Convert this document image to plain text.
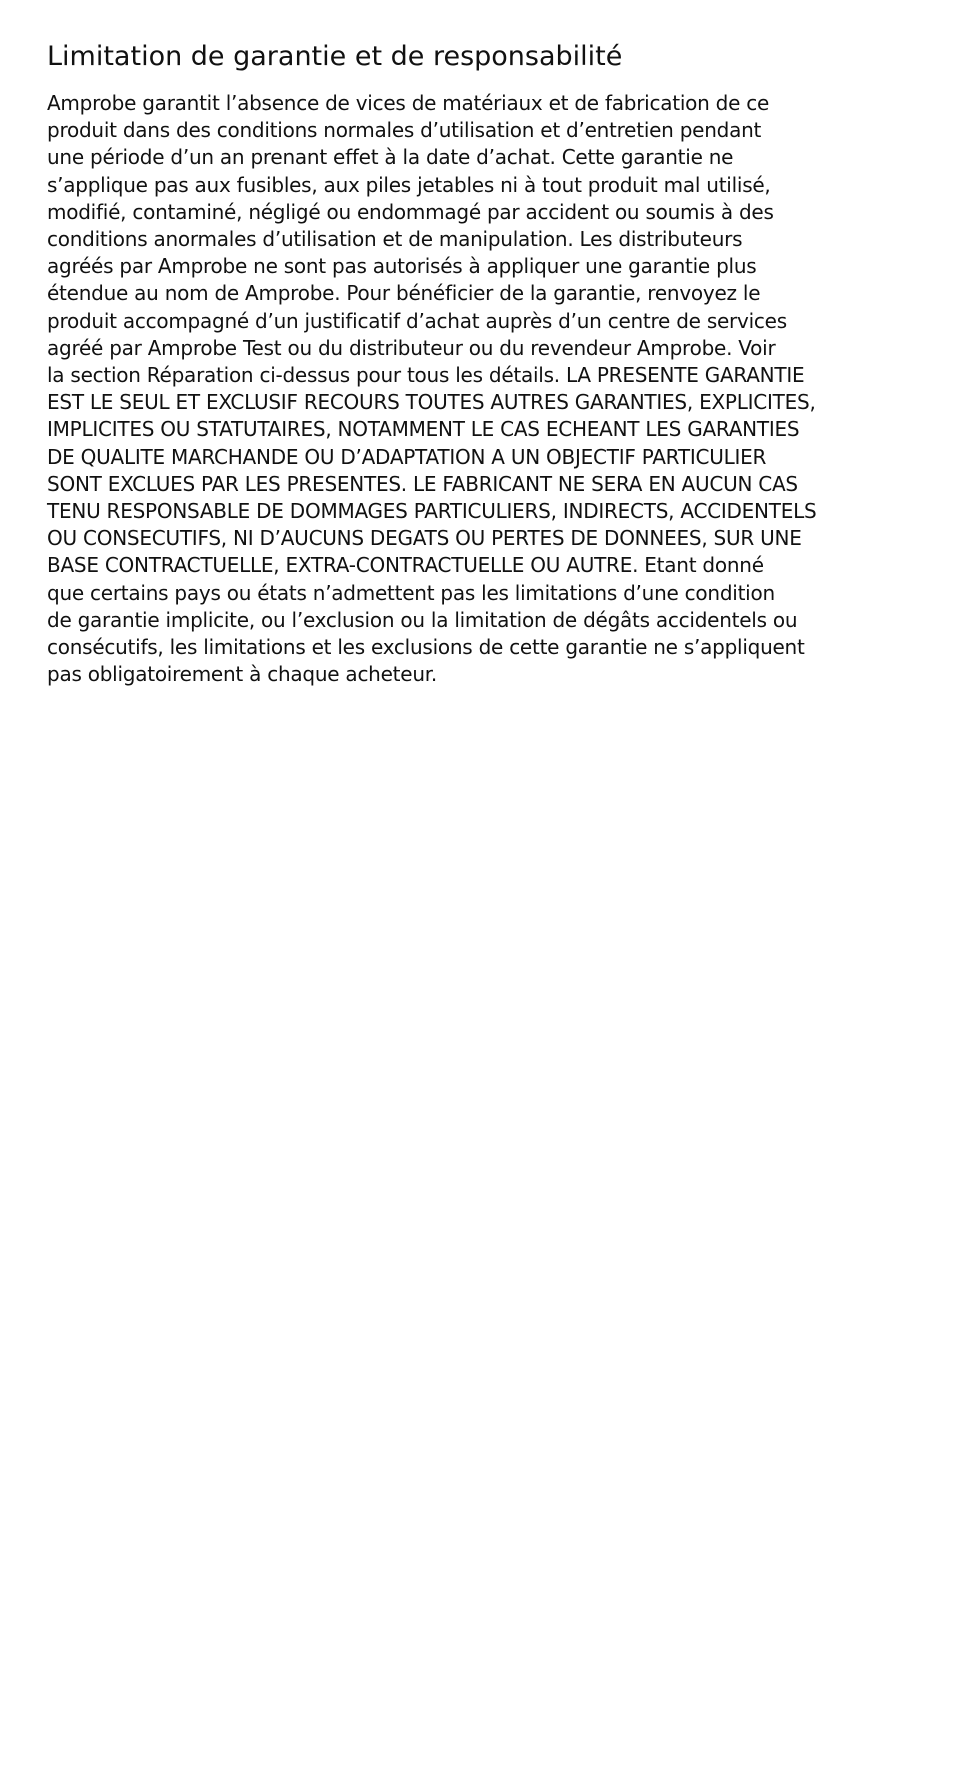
Limitation de garantie et de responsabilité
Amprobe garantit l’absence de vices de matériaux et de fabrication de ce
produit dans des conditions normales d’utilisation et d’entretien pendant
une période d’un an prenant effet à la date d’achat. Cette garantie ne
s’applique pas aux fusibles, aux piles jetables ni à tout produit mal utilisé,
modifié, contaminé, négligé ou endommagé par accident ou soumis à des
conditions anormales d’utilisation et de manipulation. Les distributeurs
agréés par Amprobe ne sont pas autorisés à appliquer une garantie plus
étendue au nom de Amprobe. Pour bénéficier de la garantie, renvoyez le
produit accompagné d’un justificatif d’achat auprès d’un centre de services
agréé par Amprobe Test ou du distributeur ou du revendeur Amprobe. Voir
la section Réparation ci-dessus pour tous les détails. LA PRESENTE GARANTIE
EST LE SEUL ET EXCLUSIF RECOURS TOUTES AUTRES GARANTIES, EXPLICITES,
IMPLICITES OU STATUTAIRES, NOTAMMENT LE CAS ECHEANT LES GARANTIES
DE QUALITE MARCHANDE OU D’ADAPTATION A UN OBJECTIF PARTICULIER
SONT EXCLUES PAR LES PRESENTES. LE FABRICANT NE SERA EN AUCUN CAS
TENU RESPONSABLE DE DOMMAGES PARTICULIERS, INDIRECTS, ACCIDENTELS
OU CONSECUTIFS, NI D’AUCUNS DEGATS OU PERTES DE DONNEES, SUR UNE
BASE CONTRACTUELLE, EXTRA-CONTRACTUELLE OU AUTRE. Etant donné
que certains pays ou états n’admettent pas les limitations d’une condition
de garantie implicite, ou l’exclusion ou la limitation de dégâts accidentels ou
consécutifs, les limitations et les exclusions de cette garantie ne s’appliquent
pas obligatoirement à chaque acheteur.
